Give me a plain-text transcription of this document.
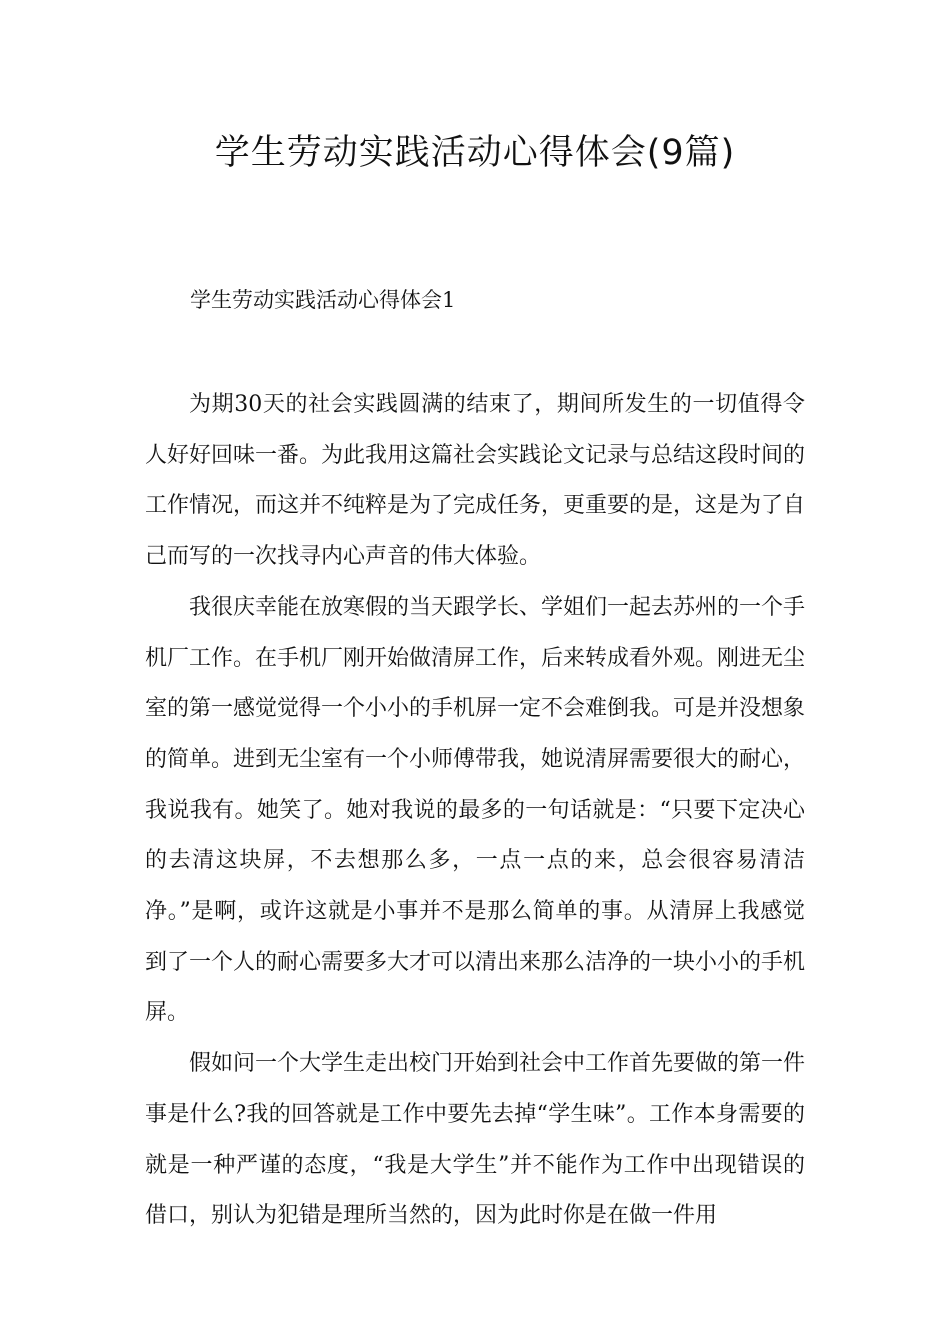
学生劳动实践活动心得体会(9篇)
学生劳动实践活动心得体会1

为期30天的社会实践圆满的结束了，期间所发生的一切值得令人好好回味一番。为此我用这篇社会实践论文记录与总结这段时间的工作情况，而这并不纯粹是为了完成任务，更重要的是，这是为了自己而写的一次找寻内心声音的伟大体验。

我很庆幸能在放寒假的当天跟学长、学姐们一起去苏州的一个手机厂工作。在手机厂刚开始做清屏工作，后来转成看外观。刚进无尘室的第一感觉觉得一个小小的手机屏一定不会难倒我。可是并没想象的简单。进到无尘室有一个小师傅带我，她说清屏需要很大的耐心，我说我有。她笑了。她对我说的最多的一句话就是：“只要下定决心的去清这块屏，不去想那么多，一点一点的来，总会很容易清洁净。”是啊，或许这就是小事并不是那么简单的事。从清屏上我感觉到了一个人的耐心需要多大才可以清出来那么洁净的一块小小的手机屏。

假如问一个大学生走出校门开始到社会中工作首先要做的第一件事是什么?我的回答就是工作中要先去掉“学生味”。工作本身需要的就是一种严谨的态度，“我是大学生”并不能作为工作中出现错误的借口，别认为犯错是理所当然的，因为此时你是在做一件用
